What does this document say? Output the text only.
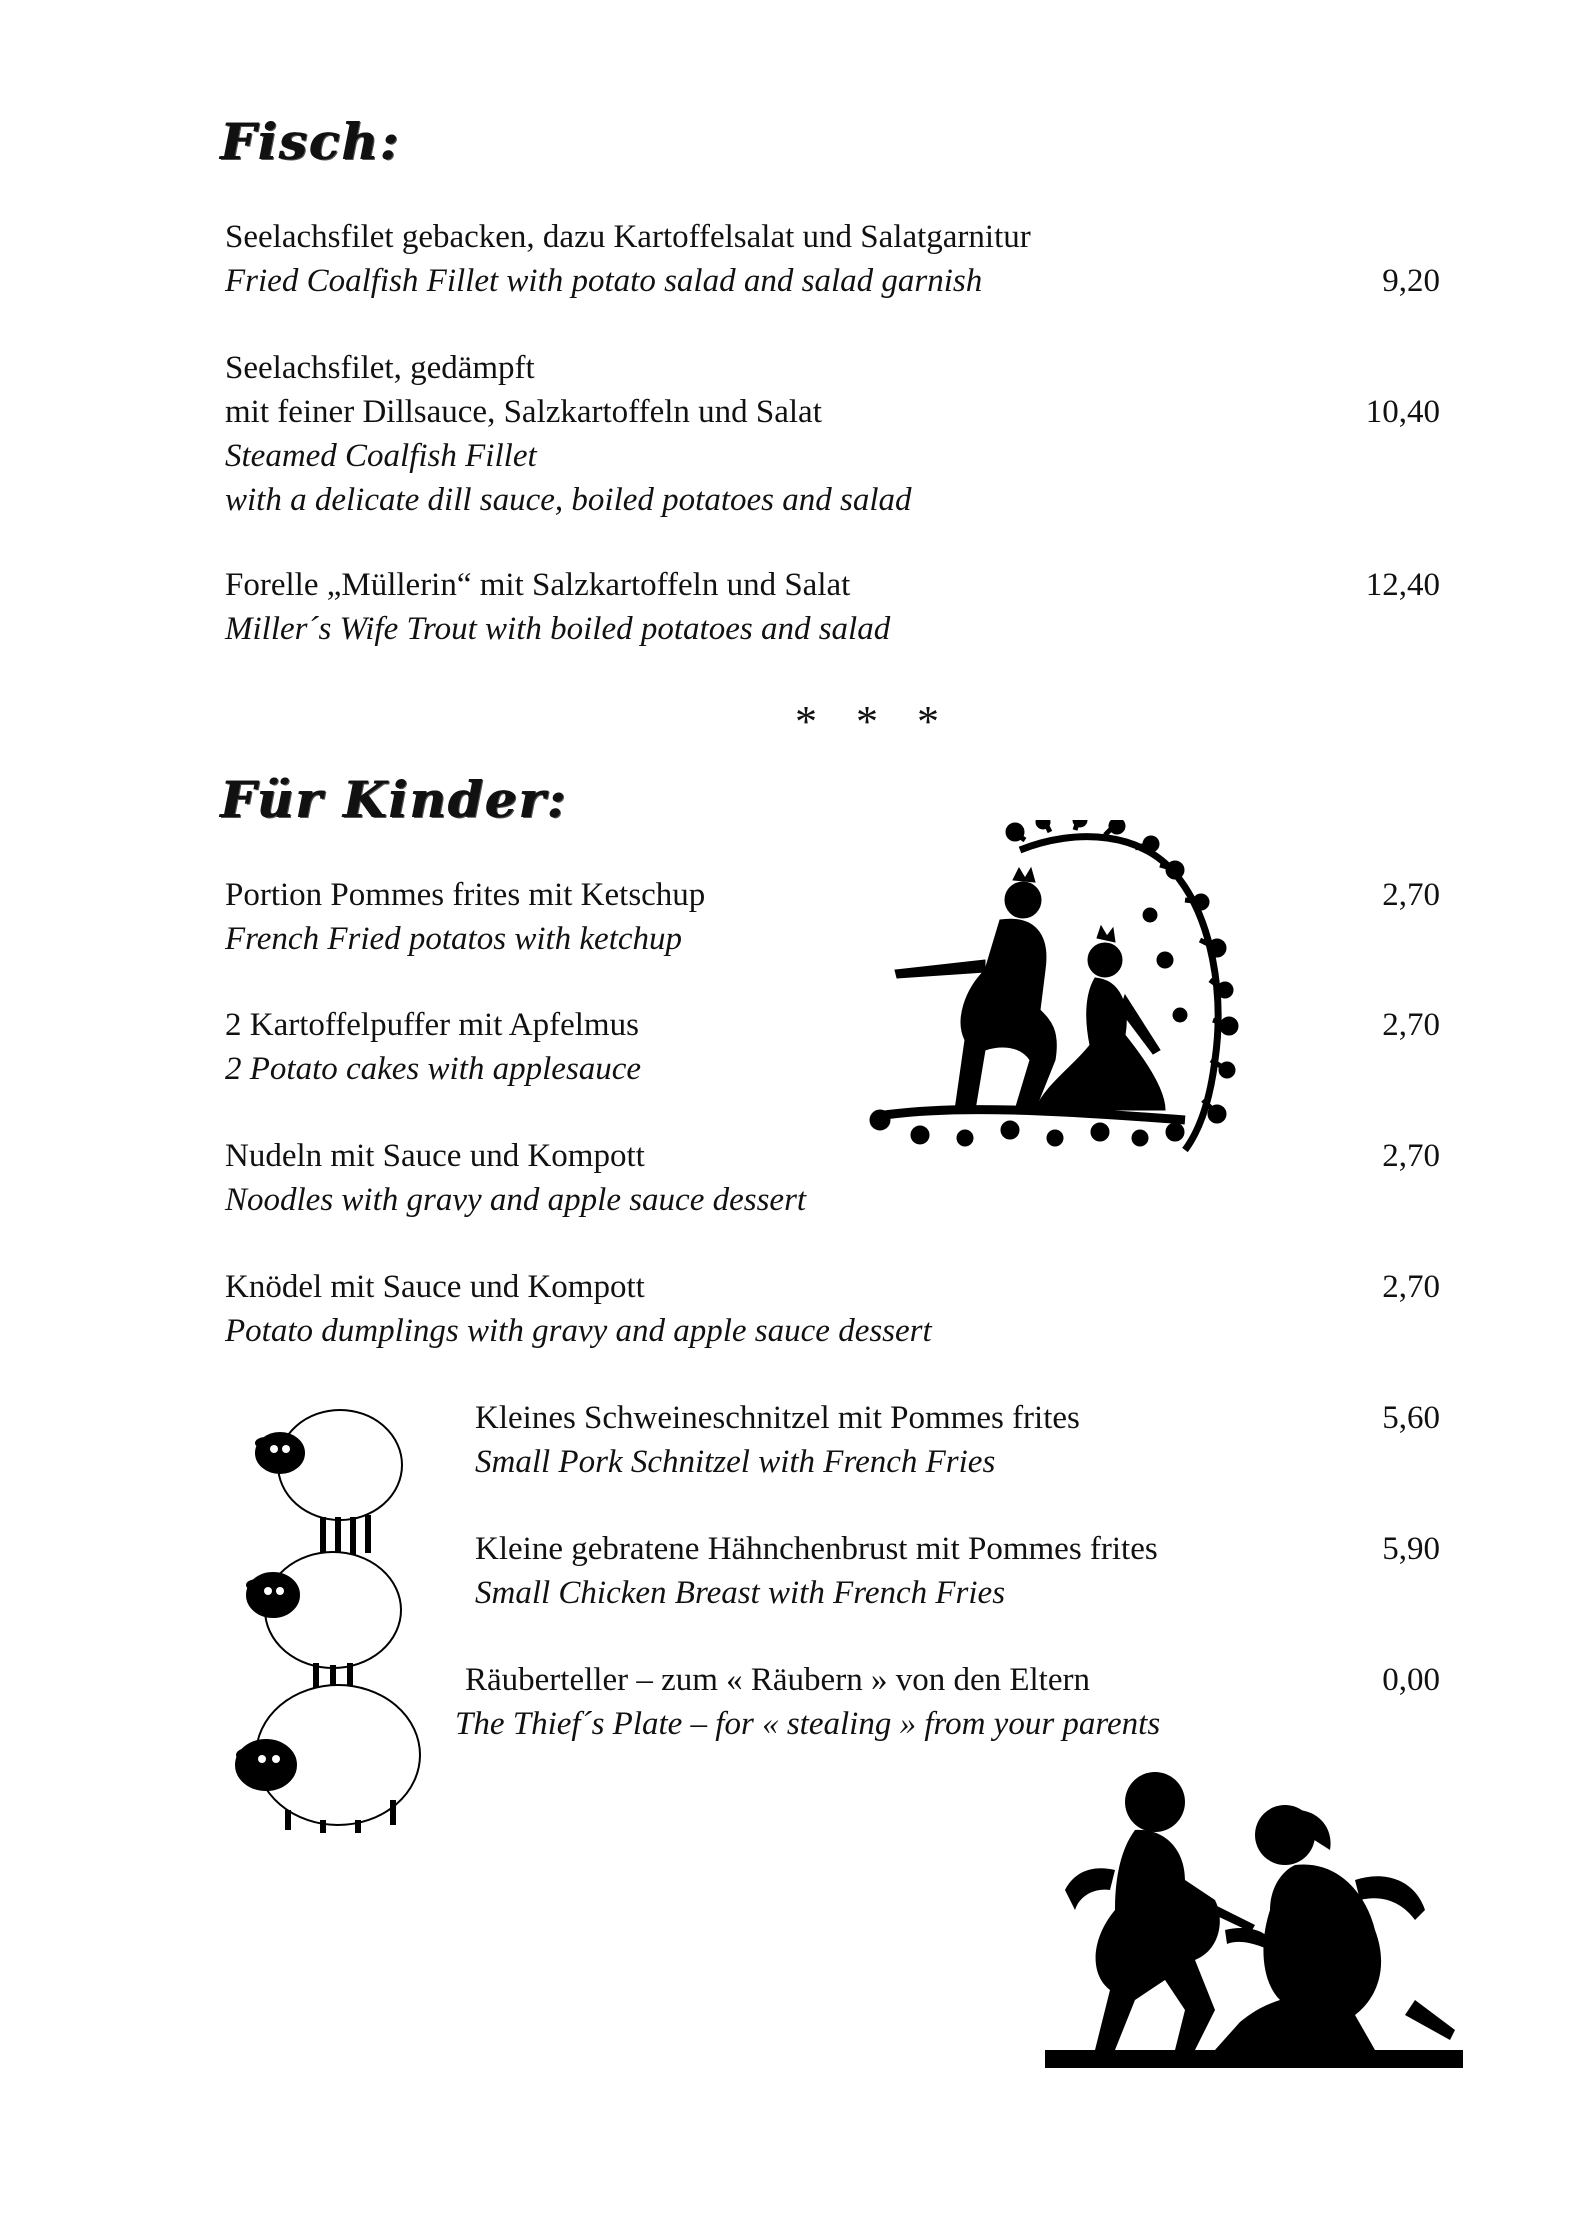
Fisch:
Seelachsfilet gebacken, dazu Kartoffelsalat und Salatgarnitur
Fried Coalfish Fillet with potato salad and salad garnish	9,20
Seelachsfilet, gedämpft
mit feiner Dillsauce, Salzkartoffeln und Salat	10,40
Steamed Coalfish Fillet
with a delicate dill sauce, boiled potatoes and salad
Forelle „Müllerin“ mit Salzkartoffeln und Salat	12,40
Miller´s Wife Trout with boiled potatoes and salad
* * *
Für Kinder:
Portion Pommes frites mit Ketschup	2,70
French Fried potatos with ketchup
2 Kartoffelpuffer mit Apfelmus	2,70
2 Potato cakes with applesauce
Nudeln mit Sauce und Kompott	2,70
Noodles with gravy and apple sauce dessert
Knödel mit Sauce und Kompott	2,70
Potato dumplings with gravy and apple sauce dessert
Kleines Schweineschnitzel mit Pommes frites	5,60
Small Pork Schnitzel with French Fries
Kleine gebratene Hähnchenbrust mit Pommes frites	5,90
Small Chicken Breast with French Fries
Räuberteller – zum « Räubern » von den Eltern	0,00
The Thief´s Plate – for « stealing » from your parents
